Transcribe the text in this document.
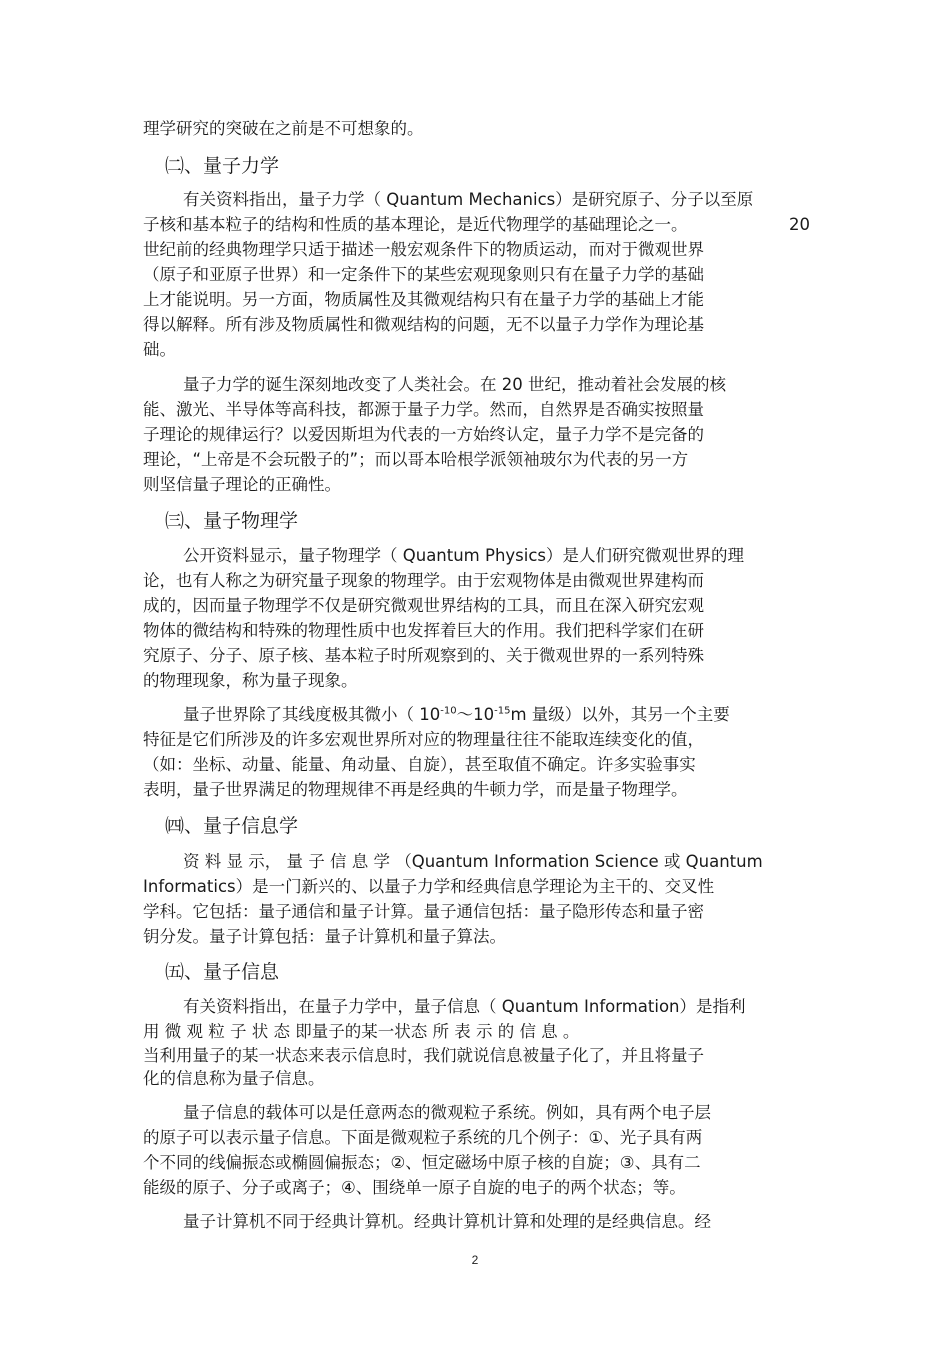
理学研究的突破在之前是不可想象的。
㈡、量子力学
有关资料指出，量子力学（ Quantum Mechanics）是研究原子、分子以至原
子核和基本粒子的结构和性质的基本理论，是近代物理学的基础理论之一。	20
世纪前的经典物理学只适于描述一般宏观条件下的物质运动，而对于微观世界
（原子和亚原子世界）和一定条件下的某些宏观现象则只有在量子力学的基础
上才能说明。另一方面，物质属性及其微观结构只有在量子力学的基础上才能
得以解释。所有涉及物质属性和微观结构的问题，无不以量子力学作为理论基
础。
量子力学的诞生深刻地改变了人类社会。在 20 世纪，推动着社会发展的核
能、激光、半导体等高科技，都源于量子力学。然而，自然界是否确实按照量
子理论的规律运行？以爱因斯坦为代表的一方始终认定，量子力学不是完备的
理论，“上帝是不会玩骰子的”；而以哥本哈根学派领袖玻尔为代表的另一方
则坚信量子理论的正确性。
㈢、量子物理学
公开资料显示，量子物理学（ Quantum Physics）是人们研究微观世界的理
论，也有人称之为研究量子现象的物理学。由于宏观物体是由微观世界建构而
成的，因而量子物理学不仅是研究微观世界结构的工具，而且在深入研究宏观
物体的微结构和特殊的物理性质中也发挥着巨大的作用。我们把科学家们在研
究原子、分子、原子核、基本粒子时所观察到的、关于微观世界的一系列特殊
的物理现象，称为量子现象。
量子世界除了其线度极其微小（ $10^{-10}\sim 10^{-15}m$ 量级）以外，其另一个主要
特征是它们所涉及的许多宏观世界所对应的物理量往往不能取连续变化的值，
（如：坐标、动量、能量、角动量、自旋），甚至取值不确定。许多实验事实
表明，量子世界满足的物理规律不再是经典的牛顿力学，而是量子物理学。
㈣、量子信息学
资 料 显 示， 量 子 信 息 学 （Quantum Information Science 或 Quantum
Informatics）是一门新兴的、以量子力学和经典信息学理论为主干的、交叉性
学科。它包括：量子通信和量子计算。量子通信包括：量子隐形传态和量子密
钥分发。量子计算包括：量子计算机和量子算法。
㈤、量子信息
有关资料指出，在量子力学中，量子信息（ Quantum Information）是指利
用 微 观 粒 子 状 态 即量子的某一状态 所 表 示 的 信 息 。
当利用量子的某一状态来表示信息时，我们就说信息被量子化了，并且将量子
化的信息称为量子信息。
量子信息的载体可以是任意两态的微观粒子系统。例如，具有两个电子层
的原子可以表示量子信息。下面是微观粒子系统的几个例子：①、光子具有两
个不同的线偏振态或椭圆偏振态；②、恒定磁场中原子核的自旋；③、具有二
能级的原子、分子或离子；④、围绕单一原子自旋的电子的两个状态；等。
量子计算机不同于经典计算机。经典计算机计算和处理的是经典信息。经
2
